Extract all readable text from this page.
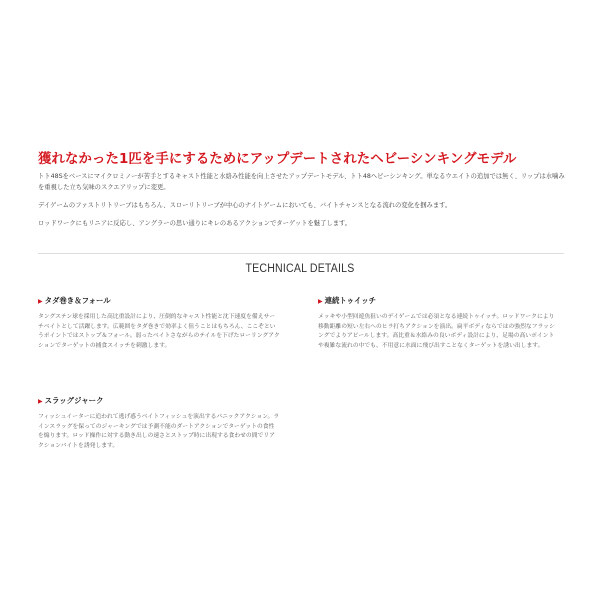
獲れなかった1匹を手にするためにアップデートされたヘビーシンキングモデル

トト48Sをベースにマイクロミノーが苦手とするキャスト性能と水絡み性能を向上させたアップデートモデル、トト48ヘビーシンキング。単なるウエイトの追加では無く、リップは水噛みを重視した立ち気味のスクエアリップに変更。

デイゲームのファストリトリーブはもちろん、スローリトリーブが中心のナイトゲームにおいても、バイトチャンスとなる流れの変化を掴みます。

ロッドワークにもリニアに反応し、アングラーの思い通りにキレのあるアクションでターゲットを魅了します。

TECHNICAL DETAILS

▶ タダ巻き＆フォール

タングステン球を採用した高比重設計により、圧倒的なキャスト性能と沈下速度を備えサーチベイトとして活躍します。広範囲をタダ巻きで効率よく狙うことはもちろん、ここぞというポイントではストップ＆フォール。弱ったベイトさながらのテイルを下げたローリングアクションでターゲットの捕食スイッチを刺激します。

▶ 連続トゥイッチ

メッキや小型回遊魚狙いのデイゲームでは必須となる連続トゥイッチ。ロッドワークにより移動距離の短い左右へのヒラ打ちアクションを演出。扁平ボディならではの強烈なフラッシングでよりアピールします。高比重＆水絡みの良いボディ設計により、足場の高いポイントや複雑な流れの中でも、不用意に水面に飛び出すことなくターゲットを誘い出します。

▶ スラッグジャーク

フィッシュイーターに追われて逃げ惑うベイトフィッシュを演出するパニックアクション。ラインスラッグを保ってのジャーキングでは予測不能のダートアクションでターゲットの食性を煽ります。ロッド操作に対する動き出しの速さとストップ時に出現する食わせの間でリアクションバイトを誘発します。
